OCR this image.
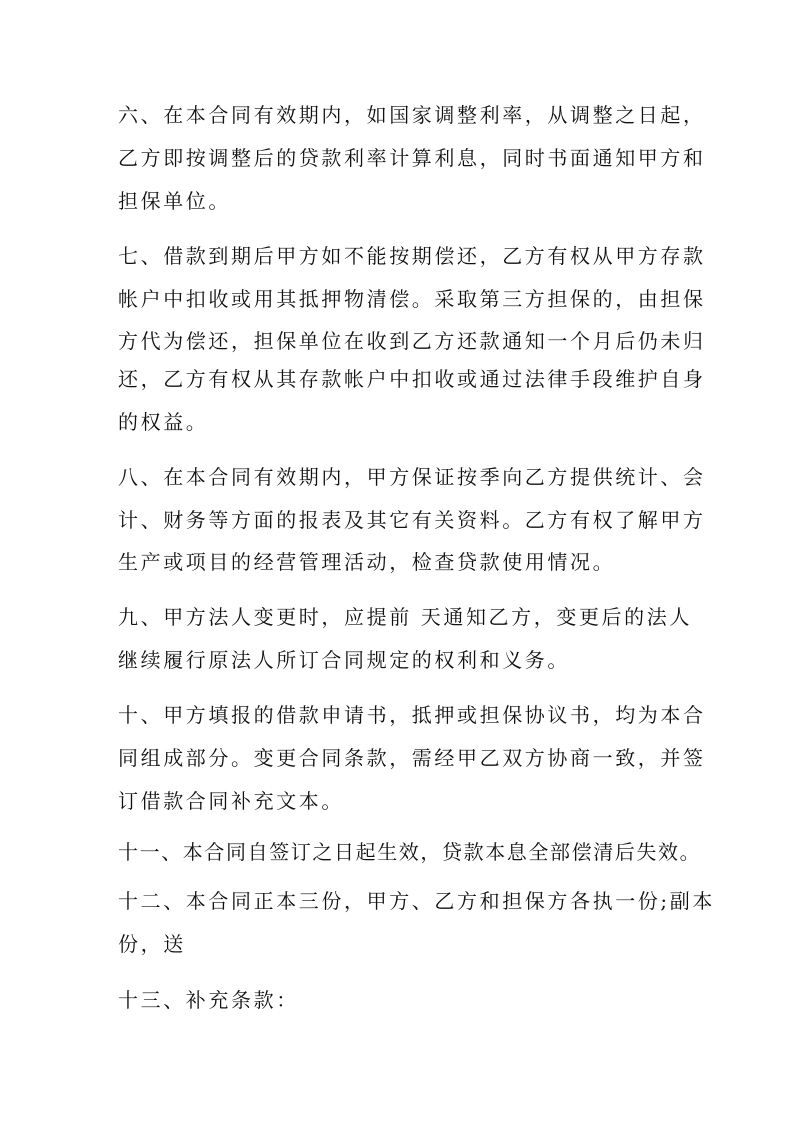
六、在本合同有效期内，如国家调整利率，从调整之日起，
乙方即按调整后的贷款利率计算利息，同时书面通知甲方和
担保单位。
七、借款到期后甲方如不能按期偿还，乙方有权从甲方存款
帐户中扣收或用其抵押物清偿。采取第三方担保的，由担保
方代为偿还，担保单位在收到乙方还款通知一个月后仍未归
还，乙方有权从其存款帐户中扣收或通过法律手段维护自身
的权益。
八、在本合同有效期内，甲方保证按季向乙方提供统计、会
计、财务等方面的报表及其它有关资料。乙方有权了解甲方
生产或项目的经营管理活动，检查贷款使用情况。
九、甲方法人变更时，应提前 天通知乙方，变更后的法人
继续履行原法人所订合同规定的权利和义务。
十、甲方填报的借款申请书，抵押或担保协议书，均为本合
同组成部分。变更合同条款，需经甲乙双方协商一致，并签
订借款合同补充文本。
十一、本合同自签订之日起生效，贷款本息全部偿清后失效。
十二、本合同正本三份，甲方、乙方和担保方各执一份;副本
份，送
十三、补充条款：
